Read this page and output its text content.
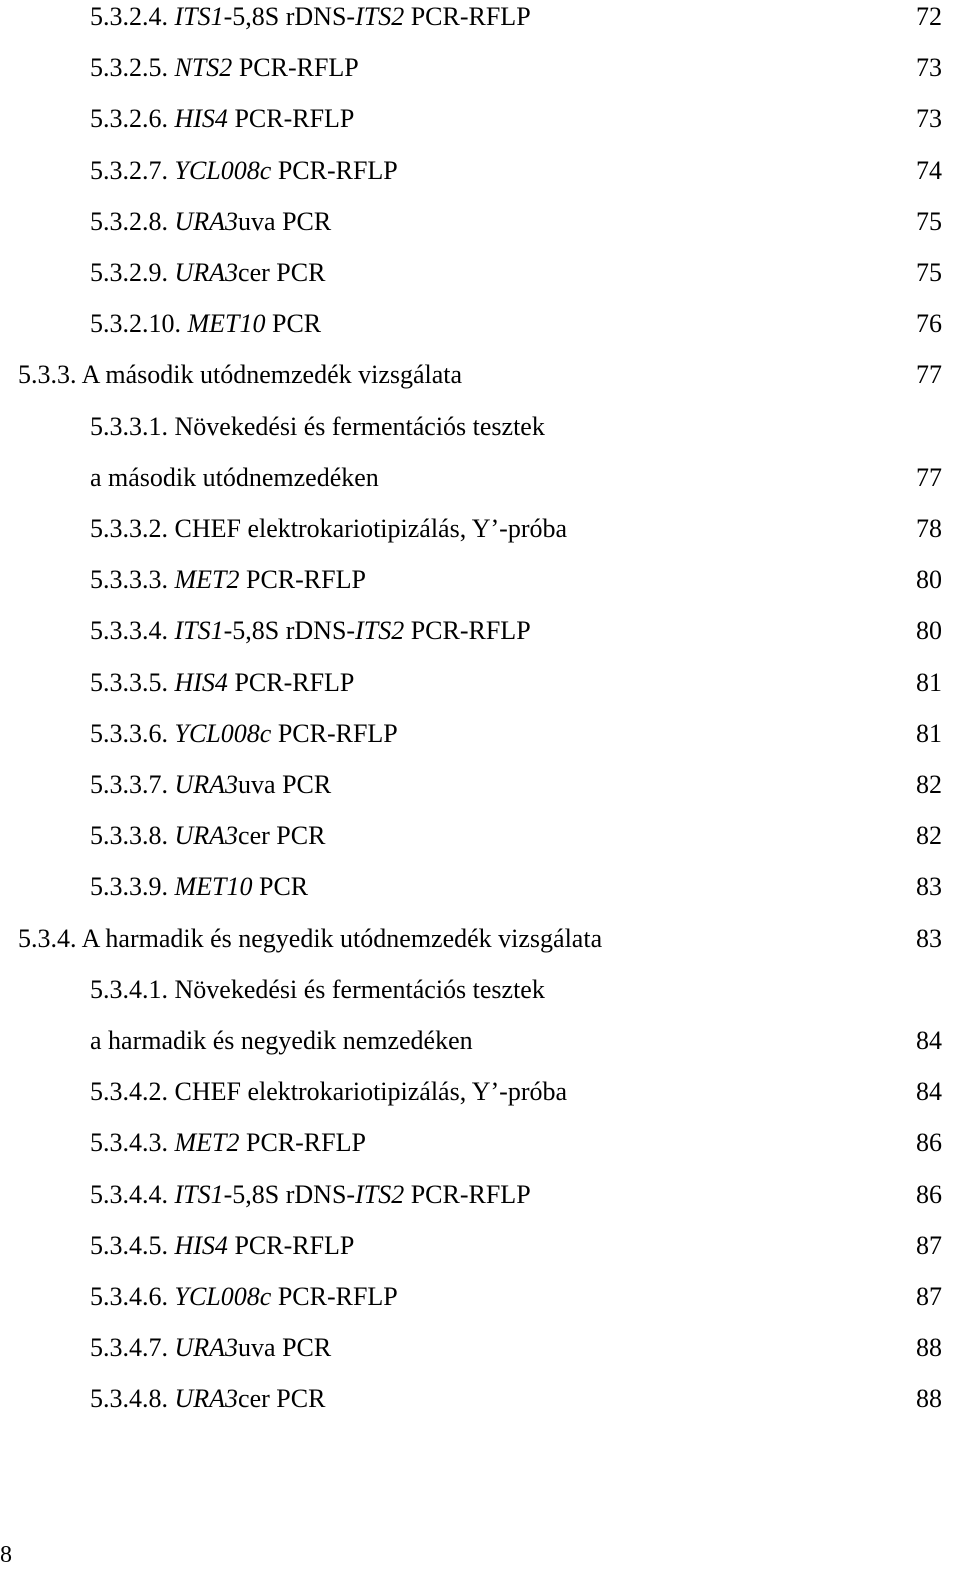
5.3.2.4. ITS1-5,8S rDNS-ITS2 PCR-RFLP	72
5.3.2.5. NTS2 PCR-RFLP	73
5.3.2.6. HIS4 PCR-RFLP	73
5.3.2.7. YCL008c PCR-RFLP	74
5.3.2.8. URA3uva PCR	75
5.3.2.9. URA3cer PCR	75
5.3.2.10. MET10 PCR	76
5.3.3. A második utódnemzedék vizsgálata	77
5.3.3.1. Növekedési és fermentációs tesztek
a második utódnemzedéken	77
5.3.3.2. CHEF elektrokariotipizálás, Y’-próba	78
5.3.3.3. MET2 PCR-RFLP	80
5.3.3.4. ITS1-5,8S rDNS-ITS2 PCR-RFLP	80
5.3.3.5. HIS4 PCR-RFLP	81
5.3.3.6. YCL008c PCR-RFLP	81
5.3.3.7. URA3uva PCR	82
5.3.3.8. URA3cer PCR	82
5.3.3.9. MET10 PCR	83
5.3.4. A harmadik és negyedik utódnemzedék vizsgálata	83
5.3.4.1. Növekedési és fermentációs tesztek
a harmadik és negyedik nemzedéken	84
5.3.4.2. CHEF elektrokariotipizálás, Y’-próba	84
5.3.4.3. MET2 PCR-RFLP	86
5.3.4.4. ITS1-5,8S rDNS-ITS2 PCR-RFLP	86
5.3.4.5. HIS4 PCR-RFLP	87
5.3.4.6. YCL008c PCR-RFLP	87
5.3.4.7. URA3uva PCR	88
5.3.4.8. URA3cer PCR	88
8
